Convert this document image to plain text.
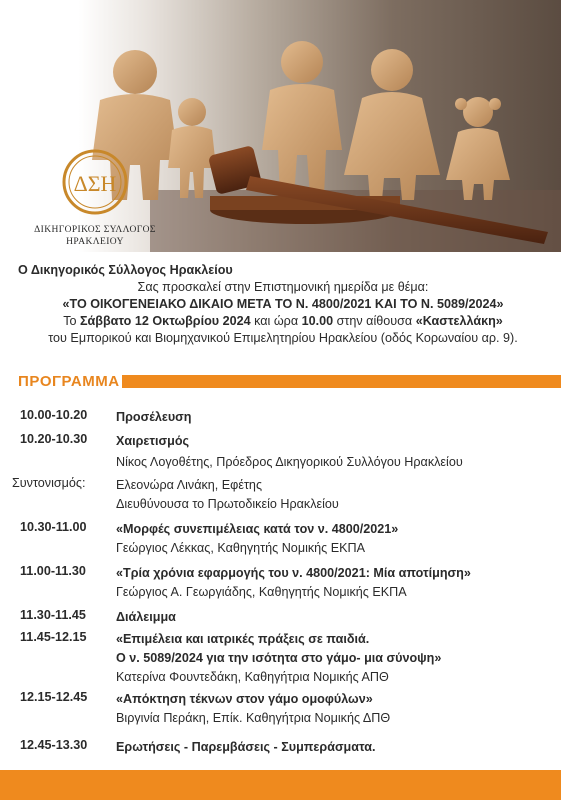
ΔΣΗ
ΔΙΚΗΓΟΡΙΚΟΣ ΣΥΛΛΟΓΟΣ
ΗΡΑΚΛΕΙΟΥ
Ο Δικηγορικός Σύλλογος Ηρακλείου
Σας προσκαλεί στην Επιστημονική ημερίδα με θέμα:
«ΤΟ ΟΙΚΟΓΕΝΕΙΑΚΟ ΔΙΚΑΙΟ ΜΕΤΑ ΤΟ Ν. 4800/2021 ΚΑΙ ΤΟ Ν. 5089/2024»
Το Σάββατο 12 Οκτωβρίου 2024 και ώρα 10.00 στην αίθουσα «Καστελλάκη»
του Εμπορικού και Βιομηχανικού Επιμελητηρίου Ηρακλείου (οδός Κορωναίου αρ. 9).
ΠΡΟΓΡΑΜΜΑ
10.00-10.20 Προσέλευση
10.20-10.30 Χαιρετισμός
Νίκος Λογοθέτης, Πρόεδρος Δικηγορικού Συλλόγου Ηρακλείου
Συντονισμός: Ελεονώρα Λινάκη, Εφέτης
Διευθύνουσα το Πρωτοδικείο Ηρακλείου
10.30-11.00 «Μορφές συνεπιμέλειας κατά τον ν. 4800/2021»
Γεώργιος Λέκκας, Καθηγητής Νομικής ΕΚΠΑ
11.00-11.30 «Τρία χρόνια εφαρμογής του ν. 4800/2021: Μία αποτίμηση»
Γεώργιος Α. Γεωργιάδης, Καθηγητής Νομικής ΕΚΠΑ
11.30-11.45 Διάλειμμα
11.45-12.15 «Επιμέλεια και ιατρικές πράξεις σε παιδιά.
Ο ν. 5089/2024 για την ισότητα στο γάμο- μια σύνοψη»
Κατερίνα Φουντεδάκη, Καθηγήτρια Νομικής ΑΠΘ
12.15-12.45 «Απόκτηση τέκνων στον γάμο ομοφύλων»
Βιργινία Περάκη, Επίκ. Καθηγήτρια Νομικής ΔΠΘ
12.45-13.30 Ερωτήσεις - Παρεμβάσεις - Συμπεράσματα.
